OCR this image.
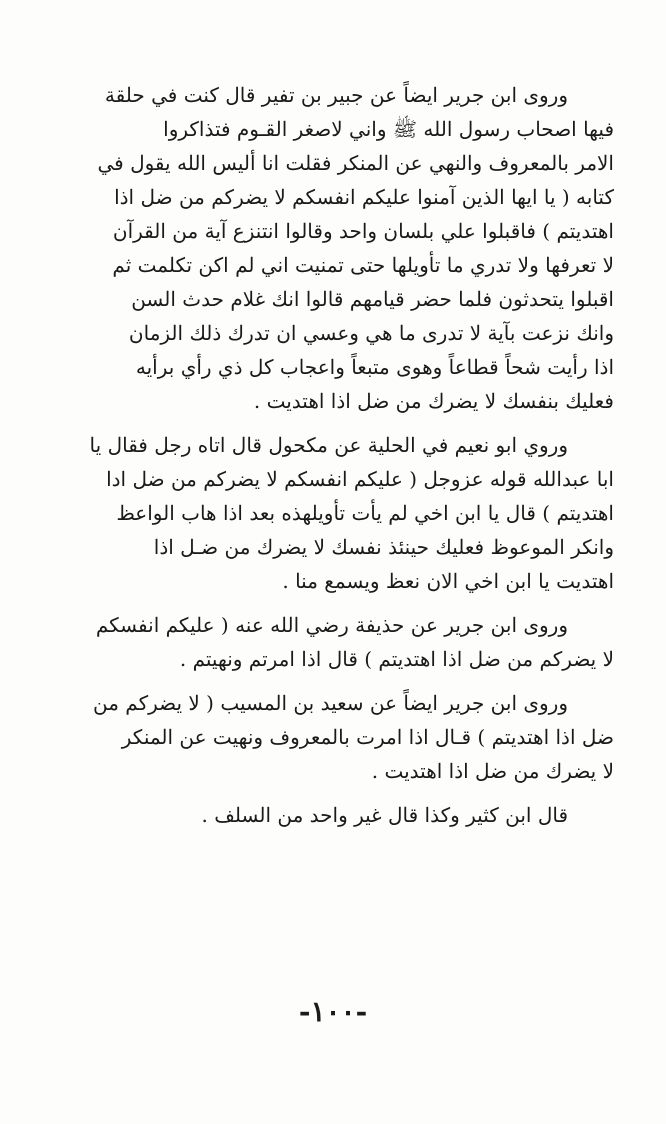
وروى ابن جرير ايضاً عن جبير بن تفير قال كنت في حلقة
فيها اصحاب رسول الله ﷺ واني لاصغر القـوم فتذاكروا
الامر بالمعروف والنهي عن المنكر فقلت انا أليس الله يقول في
كتابه ( يا ايها الذين آمنوا عليكم انفسكم لا يضركم من ضل اذا
اهتديتم ) فاقبلوا علي بلسان واحد وقالوا انتنزع آية من القرآن
لا تعرفها ولا تدري ما تأويلها حتى تمنيت اني لم اكن تكلمت ثم
اقبلوا يتحدثون فلما حضر قيامهم قالوا انك غلام حدث السن
وانك نزعت بآية لا تدرى ما هي وعسي ان تدرك ذلك الزمان
اذا رأيت شحاً قطاعاً وهوى متبعاً واعجاب كل ذي رأي برأيه
فعليك بنفسك لا يضرك من ضل اذا اهتديت .
وروي ابو نعيم في الحلية عن مكحول قال اتاه رجل فقال يا
ابا عبدالله قوله عزوجل ( عليكم انفسكم لا يضركم من ضل ادا
اهتديتم ) قال يا ابن اخي لم يأت تأويلهذه بعد اذا هاب الواعظ
وانكر الموعوظ فعليك حينئذ نفسك لا يضرك من ضـل اذا
اهتديت يا ابن اخي الان نعظ ويسمع منا .
وروى ابن جرير عن حذيفة رضي الله عنه ( عليكم انفسكم
لا يضركم من ضل اذا اهتديتم ) قال اذا امرتم ونهيتم .
وروى ابن جرير ايضاً عن سعيد بن المسيب ( لا يضركم من
ضل اذا اهتديتم ) قـال اذا امرت بالمعروف ونهيت عن المنكر
لا يضرك من ضل اذا اهتديت .
قال ابن كثير وكذا قال غير واحد من السلف .
-١٠٠-
